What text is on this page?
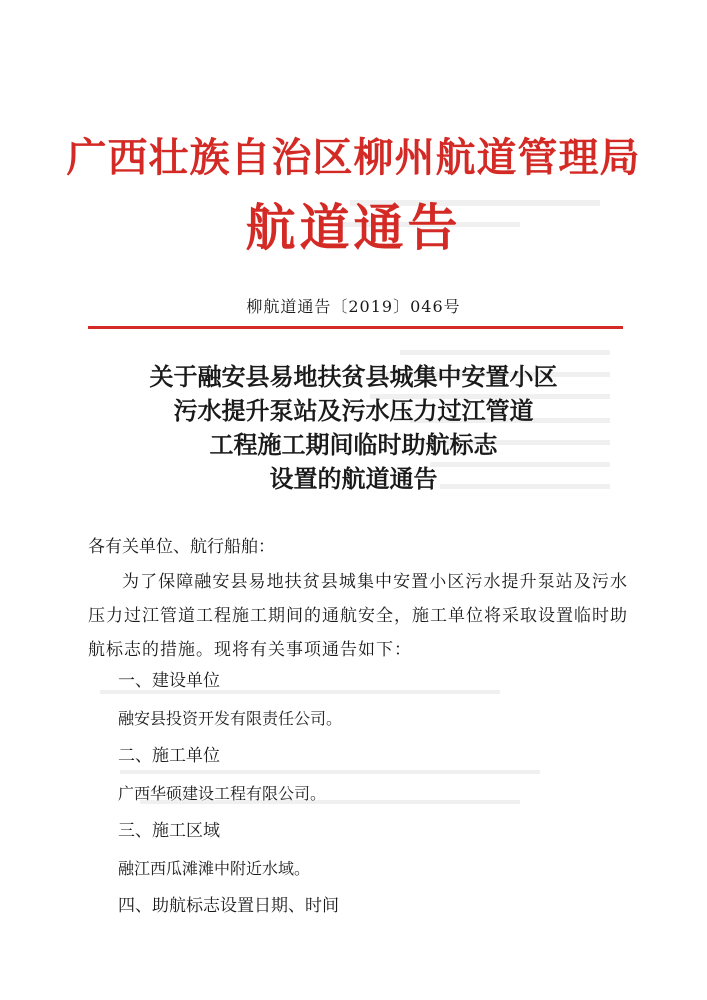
广西壮族自治区柳州航道管理局
航道通告
柳航道通告〔2019〕046号
关于融安县易地扶贫县城集中安置小区
污水提升泵站及污水压力过江管道
工程施工期间临时助航标志
设置的航道通告
各有关单位、航行船舶：
为了保障融安县易地扶贫县城集中安置小区污水提升泵站及污水压力过江管道工程施工期间的通航安全，施工单位将采取设置临时助航标志的措施。现将有关事项通告如下：
一、建设单位
融安县投资开发有限责任公司。
二、施工单位
广西华硕建设工程有限公司。
三、施工区域
融江西瓜滩滩中附近水域。
四、助航标志设置日期、时间
